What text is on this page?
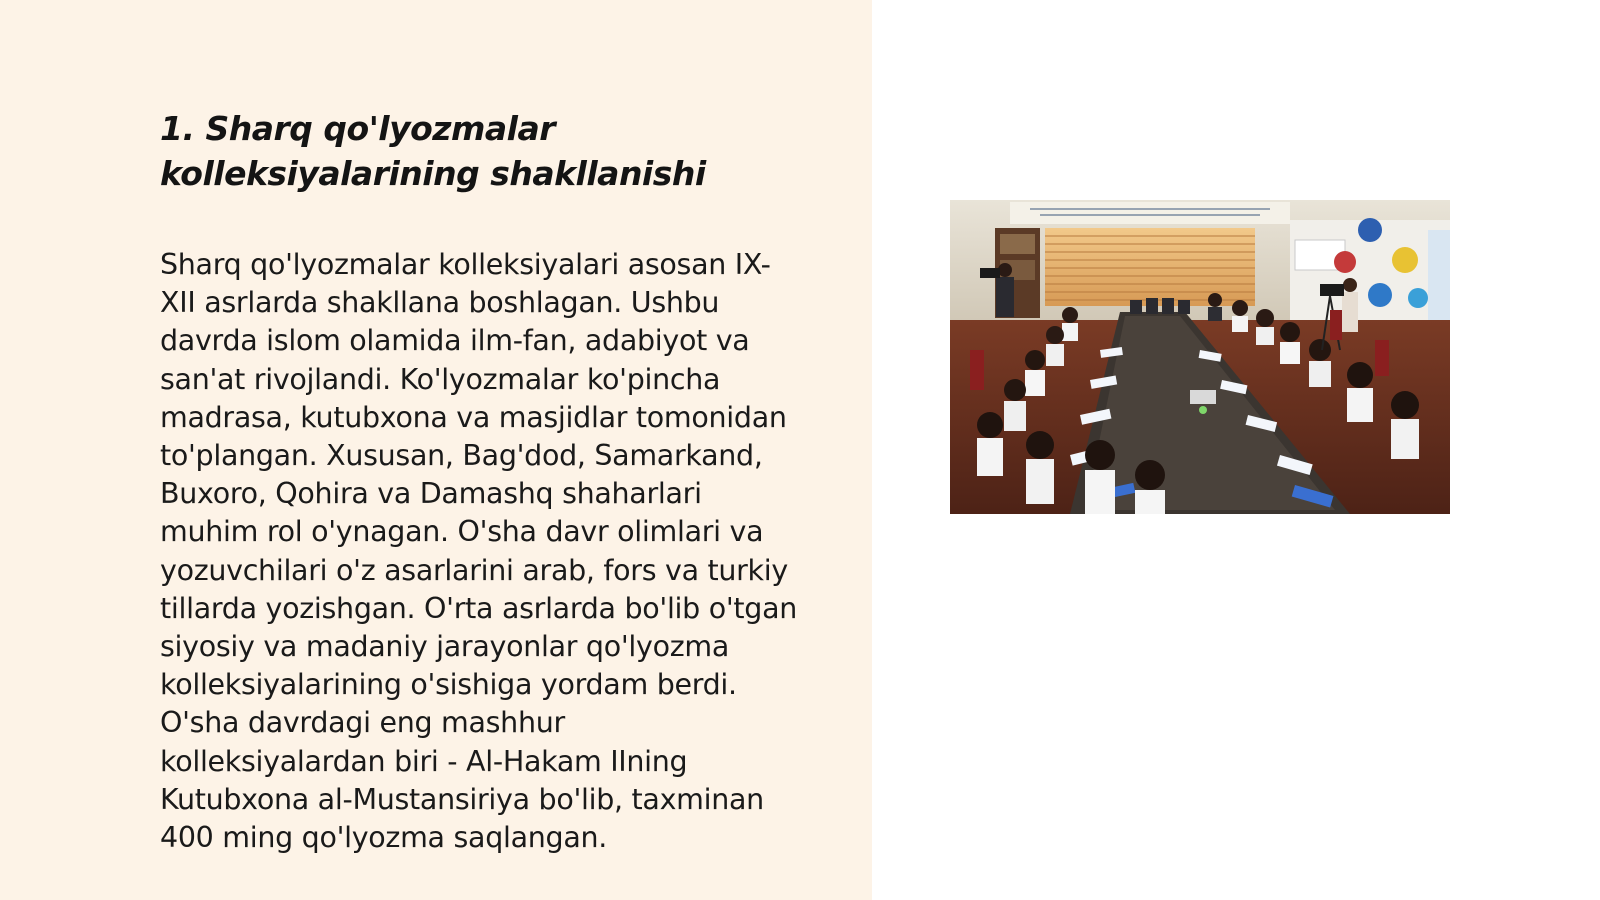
1. Sharq qo'lyozmalar
kolleksiyalarining shakllanishi

Sharq qo'lyozmalar kolleksiyalari asosan IX-
XII asrlarda shakllana boshlagan. Ushbu
davrda islom olamida ilm-fan, adabiyot va
san'at rivojlandi. Ko'lyozmalar ko'pincha
madrasa, kutubxona va masjidlar tomonidan
to'plangan. Xususan, Bag'dod, Samarkand,
Buxoro, Qohira va Damashq shaharlari
muhim rol o'ynagan. O'sha davr olimlari va
yozuvchilari o'z asarlarini arab, fors va turkiy
tillarda yozishgan. O'rta asrlarda bo'lib o'tgan
siyosiy va madaniy jarayonlar qo'lyozma
kolleksiyalarining o'sishiga yordam berdi.
O'sha davrdagi eng mashhur
kolleksiyalardan biri - Al-Hakam IIning
Kutubxona al-Mustansiriya bo'lib, taxminan
400 ming qo'lyozma saqlangan.
